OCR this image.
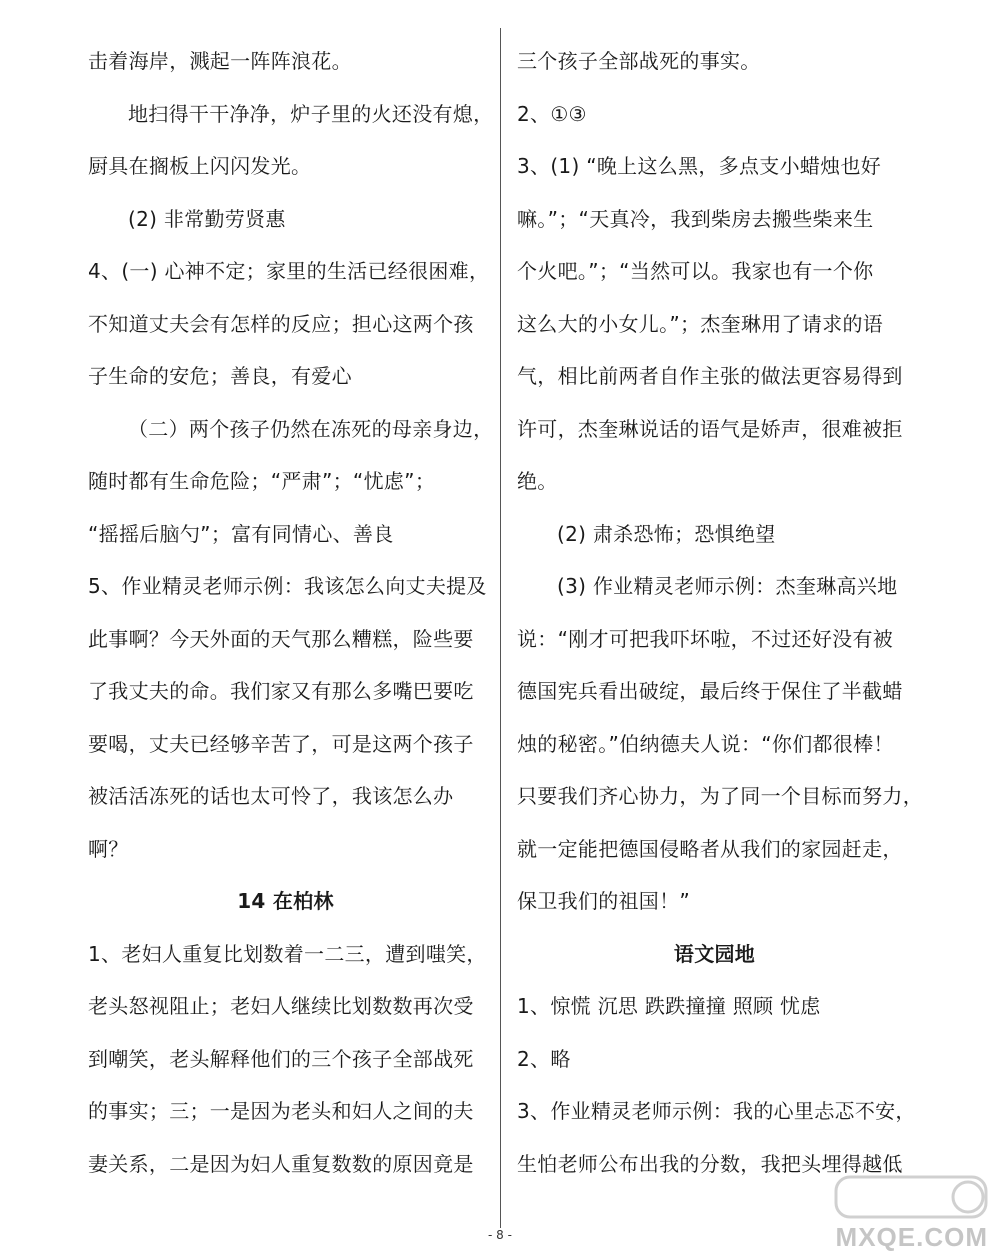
击着海岸，溅起一阵阵浪花。
地扫得干干净净，炉子里的火还没有熄，
厨具在搁板上闪闪发光。
(2) 非常勤劳贤惠
4、(一) 心神不定；家里的生活已经很困难，
不知道丈夫会有怎样的反应；担心这两个孩
子生命的安危；善良，有爱心
（二）两个孩子仍然在冻死的母亲身边，
随时都有生命危险；“严肃”；“忧虑”；
“摇摇后脑勺”；富有同情心、善良
5、作业精灵老师示例：我该怎么向丈夫提及
此事啊？今天外面的天气那么糟糕，险些要
了我丈夫的命。我们家又有那么多嘴巴要吃
要喝，丈夫已经够辛苦了，可是这两个孩子
被活活冻死的话也太可怜了，我该怎么办
啊？
14 在柏林
1、老妇人重复比划数着一二三，遭到嗤笑，
老头怒视阻止；老妇人继续比划数数再次受
到嘲笑，老头解释他们的三个孩子全部战死
的事实；三；一是因为老头和妇人之间的夫
妻关系，二是因为妇人重复数数的原因竟是
三个孩子全部战死的事实。
2、①③
3、(1) “晚上这么黑，多点支小蜡烛也好
嘛。”；“天真冷，我到柴房去搬些柴来生
个火吧。”；“当然可以。我家也有一个你
这么大的小女儿。”；杰奎琳用了请求的语
气，相比前两者自作主张的做法更容易得到
许可，杰奎琳说话的语气是娇声，很难被拒
绝。
(2) 肃杀恐怖；恐惧绝望
(3) 作业精灵老师示例：杰奎琳高兴地
说：“刚才可把我吓坏啦，不过还好没有被
德国宪兵看出破绽，最后终于保住了半截蜡
烛的秘密。”伯纳德夫人说：“你们都很棒！
只要我们齐心协力，为了同一个目标而努力，
就一定能把德国侵略者从我们的家园赶走，
保卫我们的祖国！”
语文园地
1、惊慌 沉思 跌跌撞撞 照顾 忧虑
2、略
3、作业精灵老师示例：我的心里忐忑不安，
生怕老师公布出我的分数，我把头埋得越低
- 8 -	MXQE.COM
